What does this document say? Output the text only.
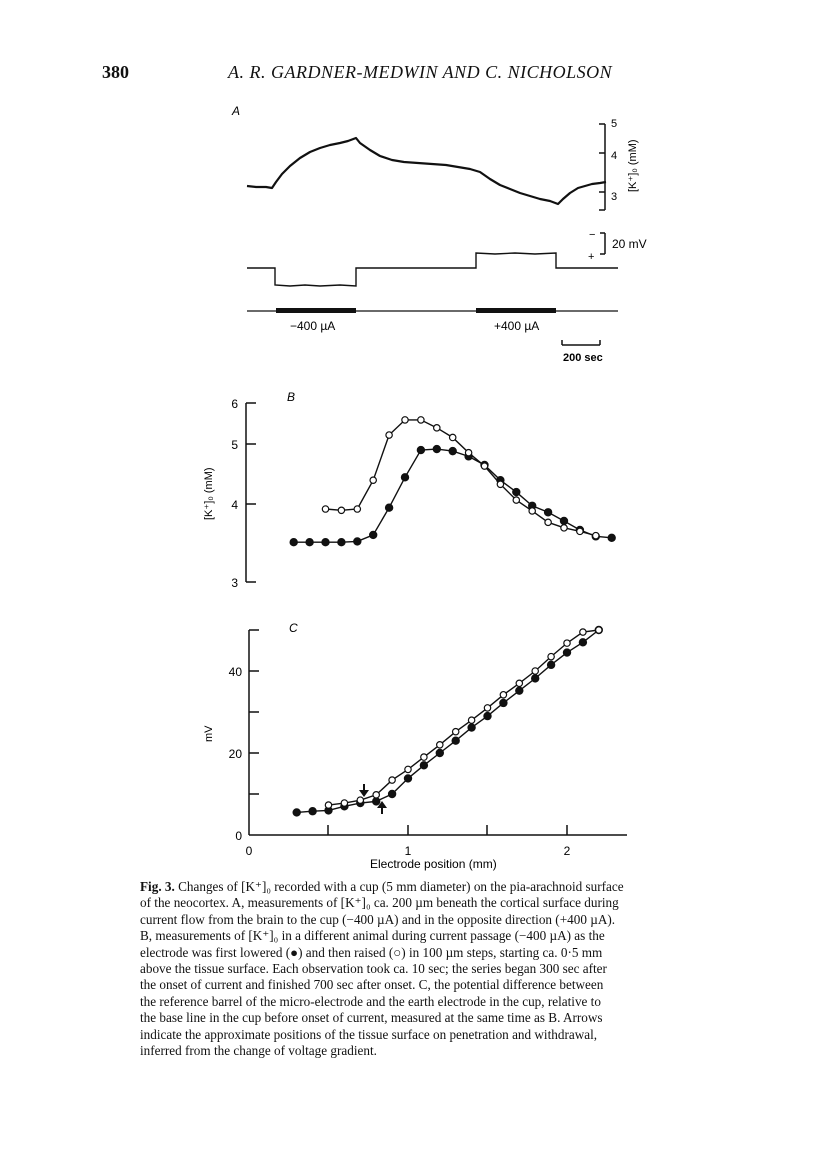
380	A. R. GARDNER-MEDWIN AND C. NICHOLSON
A
5
4
3
[K⁺]₀ (mM)
−
+
20 mV
−400 µA	+400 µA
200 sec
6
5
4
3
[K⁺]₀ (mM)
B
0
20
40
0	1	2
Electrode position (mm)
mV
C

Fig. 3. Changes of [K⁺]₀ recorded with a cup (5 mm diameter) on the pia-arachnoid surface

of the neocortex. A, measurements of [K⁺]₀ ca. 200 µm beneath the cortical surface during

current flow from the brain to the cup (−400 µA) and in the opposite direction (+400 µA).

B, measurements of [K⁺]₀ in a different animal during current passage (−400 µA) as the

electrode was first lowered (●) and then raised (○) in 100 µm steps, starting ca. 0·5 mm

above the tissue surface. Each observation took ca. 10 sec; the series began 300 sec after

the onset of current and finished 700 sec after onset. C, the potential difference between

the reference barrel of the micro-electrode and the earth electrode in the cup, relative to

the base line in the cup before onset of current, measured at the same time as B. Arrows

indicate the approximate positions of the tissue surface on penetration and withdrawal,

inferred from the change of voltage gradient.
